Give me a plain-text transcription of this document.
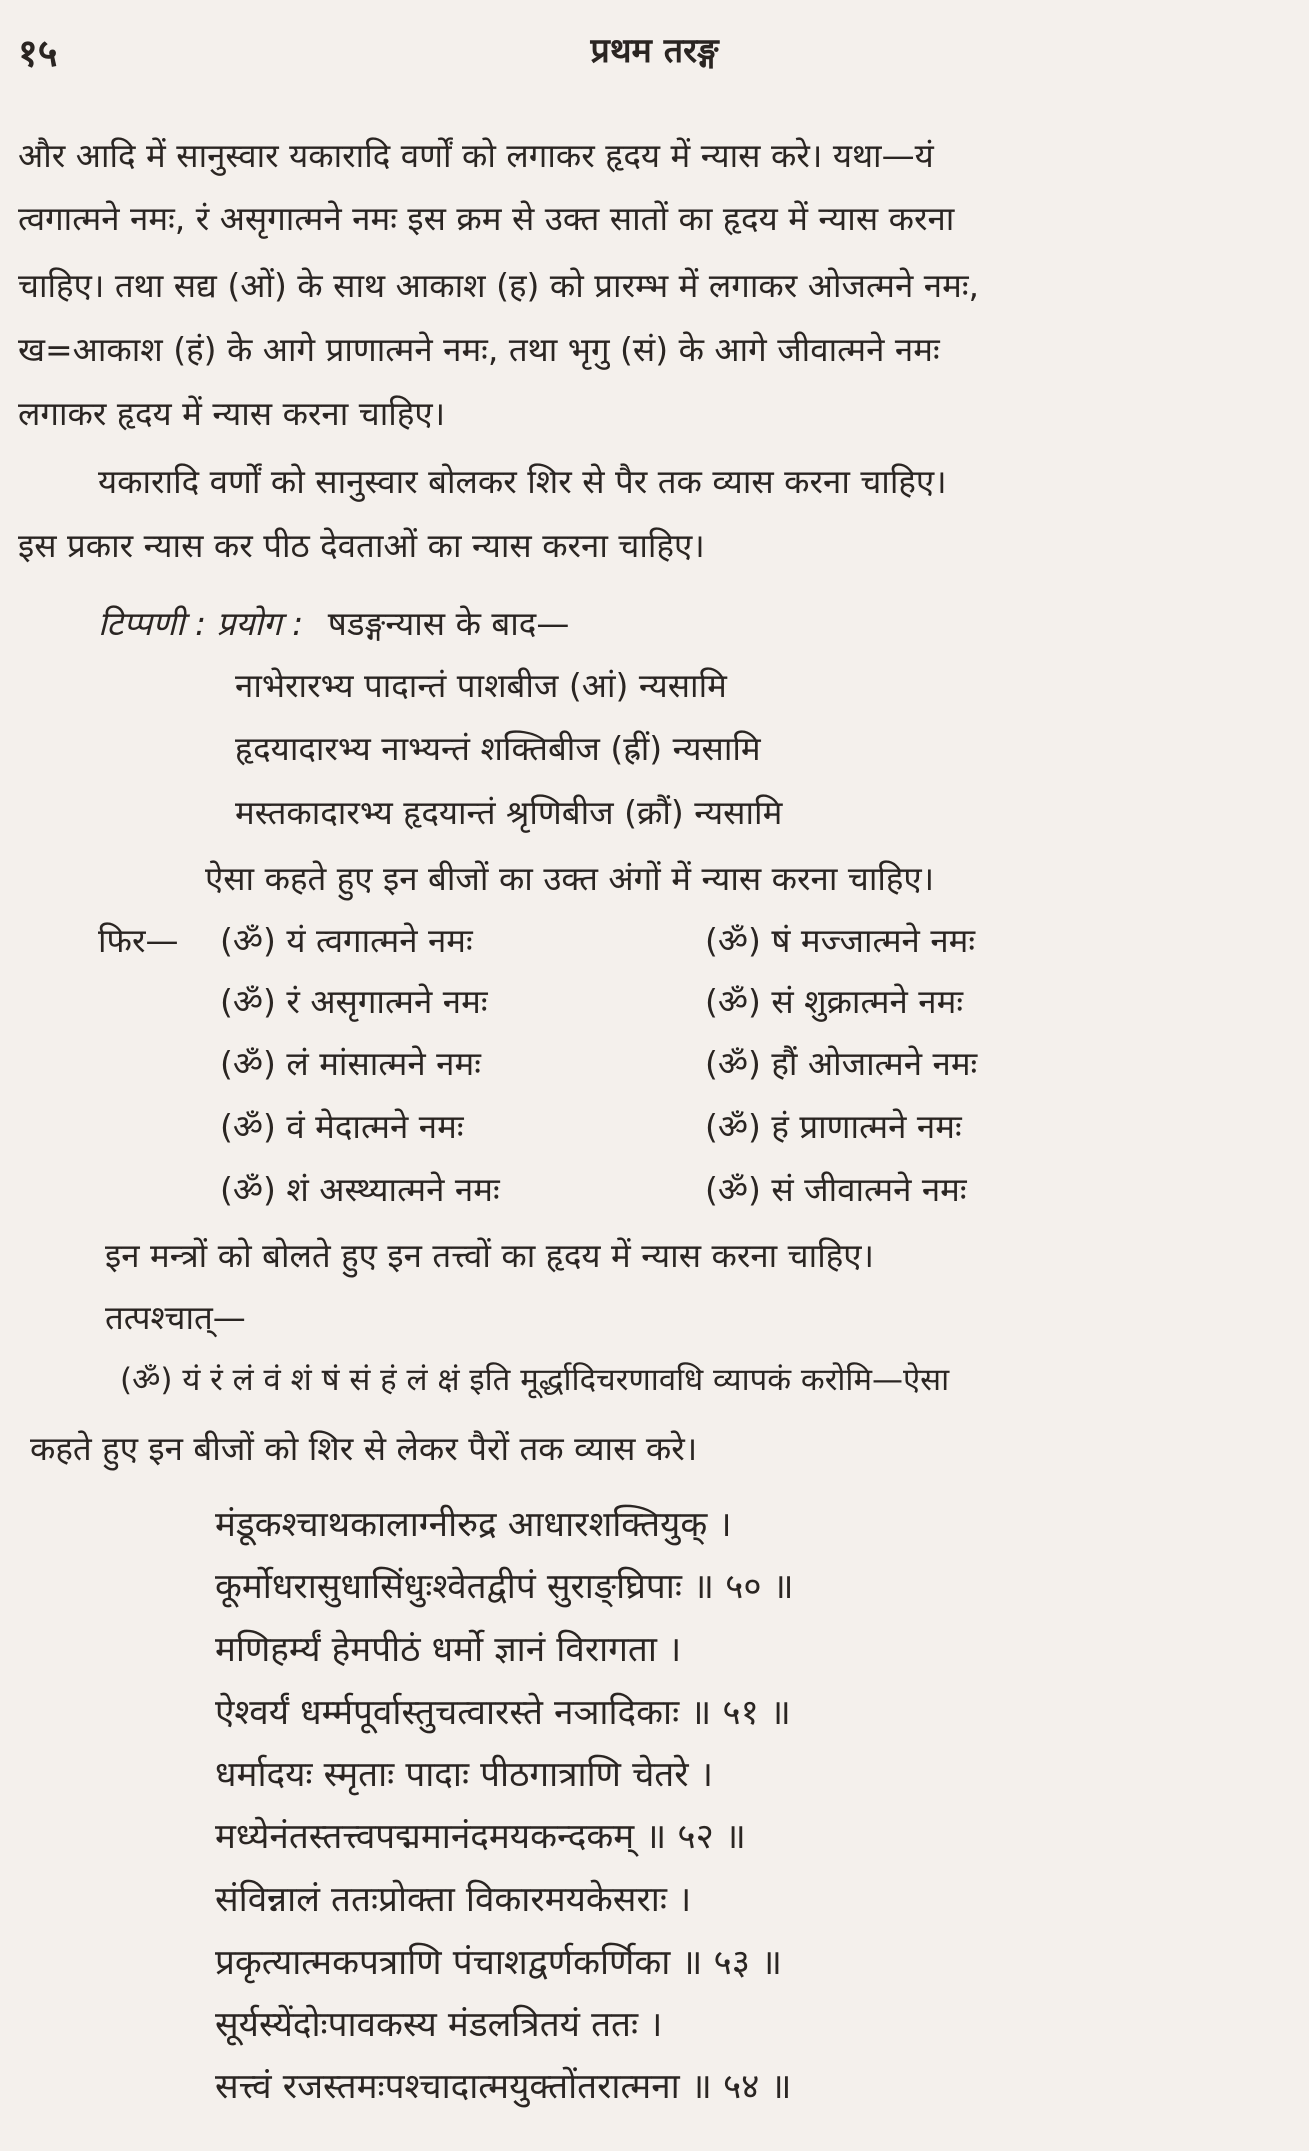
१५	प्रथम तरङ्ग
और आदि में सानुस्वार यकारादि वर्णों को लगाकर हृदय में न्यास करे। यथा—यं
त्वगात्मने नमः, रं असृगात्मने नमः इस क्रम से उक्त सातों का हृदय में न्यास करना
चाहिए। तथा सद्य (ओं) के साथ आकाश (ह) को प्रारम्भ में लगाकर ओजत्मने नमः,
ख=आकाश (हं) के आगे प्राणात्मने नमः, तथा भृगु (सं) के आगे जीवात्मने नमः
लगाकर हृदय में न्यास करना चाहिए।
यकारादि वर्णों को सानुस्वार बोलकर शिर से पैर तक व्यास करना चाहिए।
इस प्रकार न्यास कर पीठ देवताओं का न्यास करना चाहिए।
टिप्पणी : प्रयोग : षडङ्गन्यास के बाद—
नाभेरारभ्य पादान्तं पाशबीज (आं) न्यसामि
हृदयादारभ्य नाभ्यन्तं शक्तिबीज (ह्रीं) न्यसामि
मस्तकादारभ्य हृदयान्तं श्रृणिबीज (क्रौं) न्यसामि
ऐसा कहते हुए इन बीजों का उक्त अंगों में न्यास करना चाहिए।
फिर— (ॐ) यं त्वगात्मने नमः
(ॐ) रं असृगात्मने नमः
(ॐ) लं मांसात्मने नमः
(ॐ) वं मेदात्मने नमः
(ॐ) शं अस्थ्यात्मने नमः
(ॐ) षं मज्जात्मने नमः
(ॐ) सं शुक्रात्मने नमः
(ॐ) हौं ओजात्मने नमः
(ॐ) हं प्राणात्मने नमः
(ॐ) सं जीवात्मने नमः
इन मन्त्रों को बोलते हुए इन तत्त्वों का हृदय में न्यास करना चाहिए।
तत्पश्चात्—
(ॐ) यं रं लं वं शं षं सं हं लं क्षं इति मूर्द्धादिचरणावधि व्यापकं करोमि—ऐसा
कहते हुए इन बीजों को शिर से लेकर पैरों तक व्यास करे।
मंडूकश्चाथकालाग्नीरुद्र आधारशक्तियुक् ।
कूर्मोधरासुधासिंधुःश्वेतद्वीपं सुराङ्घ्रिपाः ॥ ५० ॥
मणिहर्म्यं हेमपीठं धर्मो ज्ञानं विरागता ।
ऐश्वर्यं धर्म्मपूर्वास्तुचत्वारस्ते नञादिकाः ॥ ५१ ॥
धर्मादयः स्मृताः पादाः पीठगात्राणि चेतरे ।
मध्येनंतस्तत्त्वपद्ममानंदमयकन्दकम् ॥ ५२ ॥
संविन्नालं ततःप्रोक्ता विकारमयकेसराः ।
प्रकृत्यात्मकपत्राणि पंचाशद्वर्णकर्णिका ॥ ५३ ॥
सूर्यस्येंदोःपावकस्य मंडलत्रितयं ततः ।
सत्त्वं रजस्तमःपश्चादात्मयुक्तोंतरात्मना ॥ ५४ ॥
